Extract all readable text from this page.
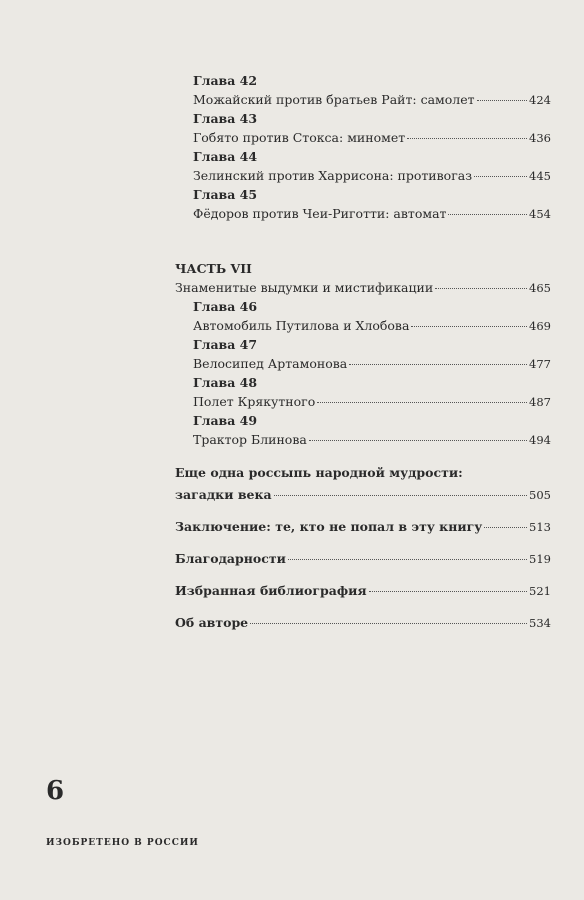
Глава 42
Можайский против братьев Райт: самолет	424
Глава 43
Гобято против Стокса: миномет	436
Глава 44
Зелинский против Харрисона: противогаз	445
Глава 45
Фёдоров против Чеи-Риготти: автомат	454
ЧАСТЬ VII
Знаменитые выдумки и мистификации	465
Глава 46
Автомобиль Путилова и Хлобова	469
Глава 47
Велосипед Артамонова	477
Глава 48
Полет Крякутного	487
Глава 49
Трактор Блинова	494
Еще одна россыпь народной мудрости:
загадки века	505
Заключение: те, кто не попал в эту книгу	513
Благодарности	519
Избранная библиография	521
Об авторе	534
6
ИЗОБРЕТЕНО В РОССИИ
